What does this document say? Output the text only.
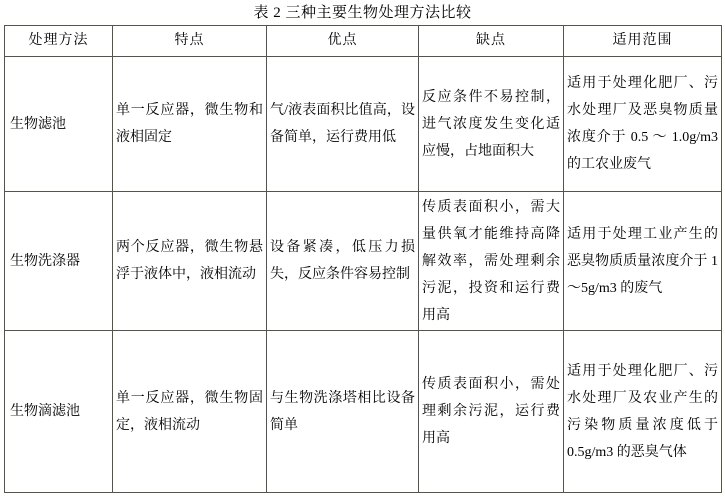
表 2 三种主要生物处理方法比较
处理方法	特点	优点	缺点	适用范围
生物滤池	单一反应器，微生物和液相固定	气/液表面积比值高，设备简单，运行费用低	反应条件不易控制，进气浓度发生变化适应慢，占地面积大	适用于处理化肥厂、污水处理厂及恶臭物质量浓度介于 0.5 ～ 1.0g/m3 的工农业废气
生物洗涤器	两个反应器，微生物悬浮于液体中，液相流动	设备紧凑，低压力损失，反应条件容易控制	传质表面积小，需大量供氧才能维持高降解效率，需处理剩余污泥，投资和运行费用高	适用于处理工业产生的恶臭物质质量浓度介于 1～5g/m3 的废气
生物滴滤池	单一反应器，微生物固定，液相流动	与生物洗涤塔相比设备简单	传质表面积小，需处理剩余污泥，运行费用高	适用于处理化肥厂、污水处理厂及农业产生的污染物质量浓度低于 0.5g/m3 的恶臭气体
